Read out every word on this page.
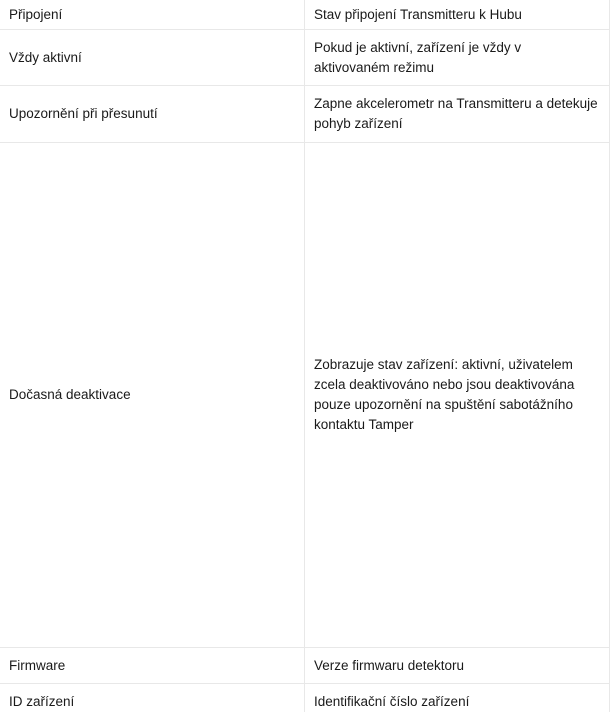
Připojení	Stav připojení Transmitteru k Hubu
Vždy aktivní	Pokud je aktivní, zařízení je vždy v aktivovaném režimu
Upozornění při přesunutí	Zapne akcelerometr na Transmitteru a detekuje pohyb zařízení
Dočasná deaktivace	Zobrazuje stav zařízení: aktivní, uživatelem zcela deaktivováno nebo jsou deaktivována pouze upozornění na spuštění sabotážního kontaktu Tamper
Firmware	Verze firmwaru detektoru
ID zařízení	Identifikační číslo zařízení
